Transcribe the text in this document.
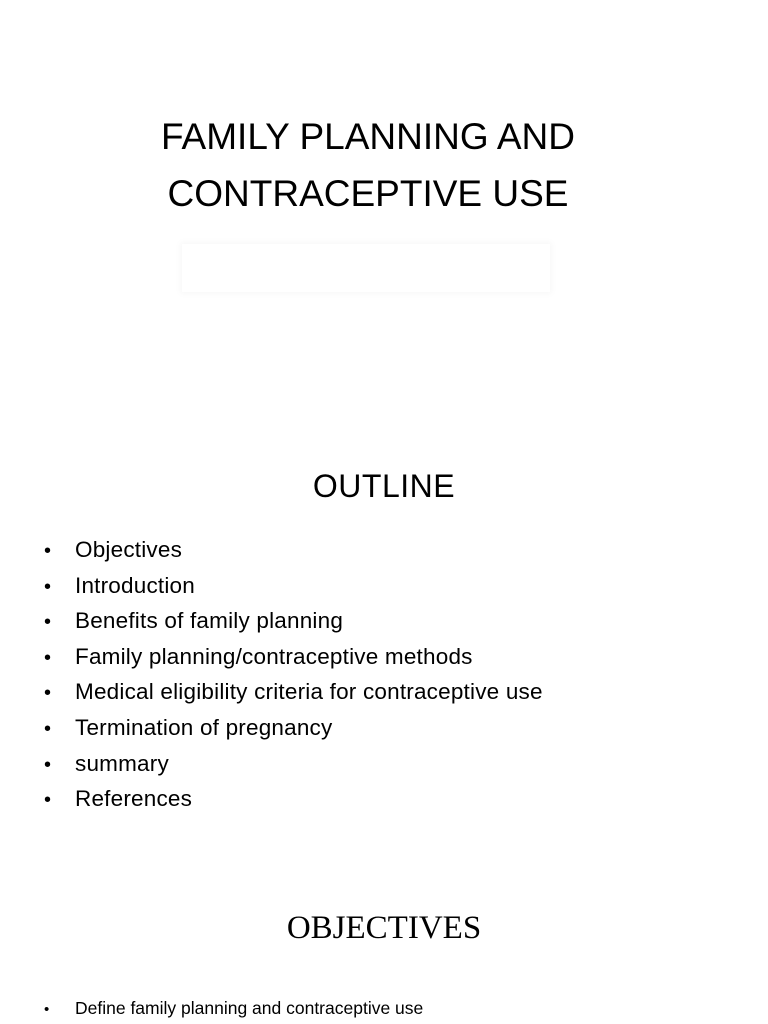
FAMILY PLANNING AND
CONTRACEPTIVE USE
OUTLINE
•	Objectives
•	Introduction
•	Benefits of family planning
•	Family planning/contraceptive methods
•	Medical eligibility criteria for contraceptive use
•	Termination of pregnancy
•	summary
•	References
OBJECTIVES
•	Define family planning and contraceptive use
